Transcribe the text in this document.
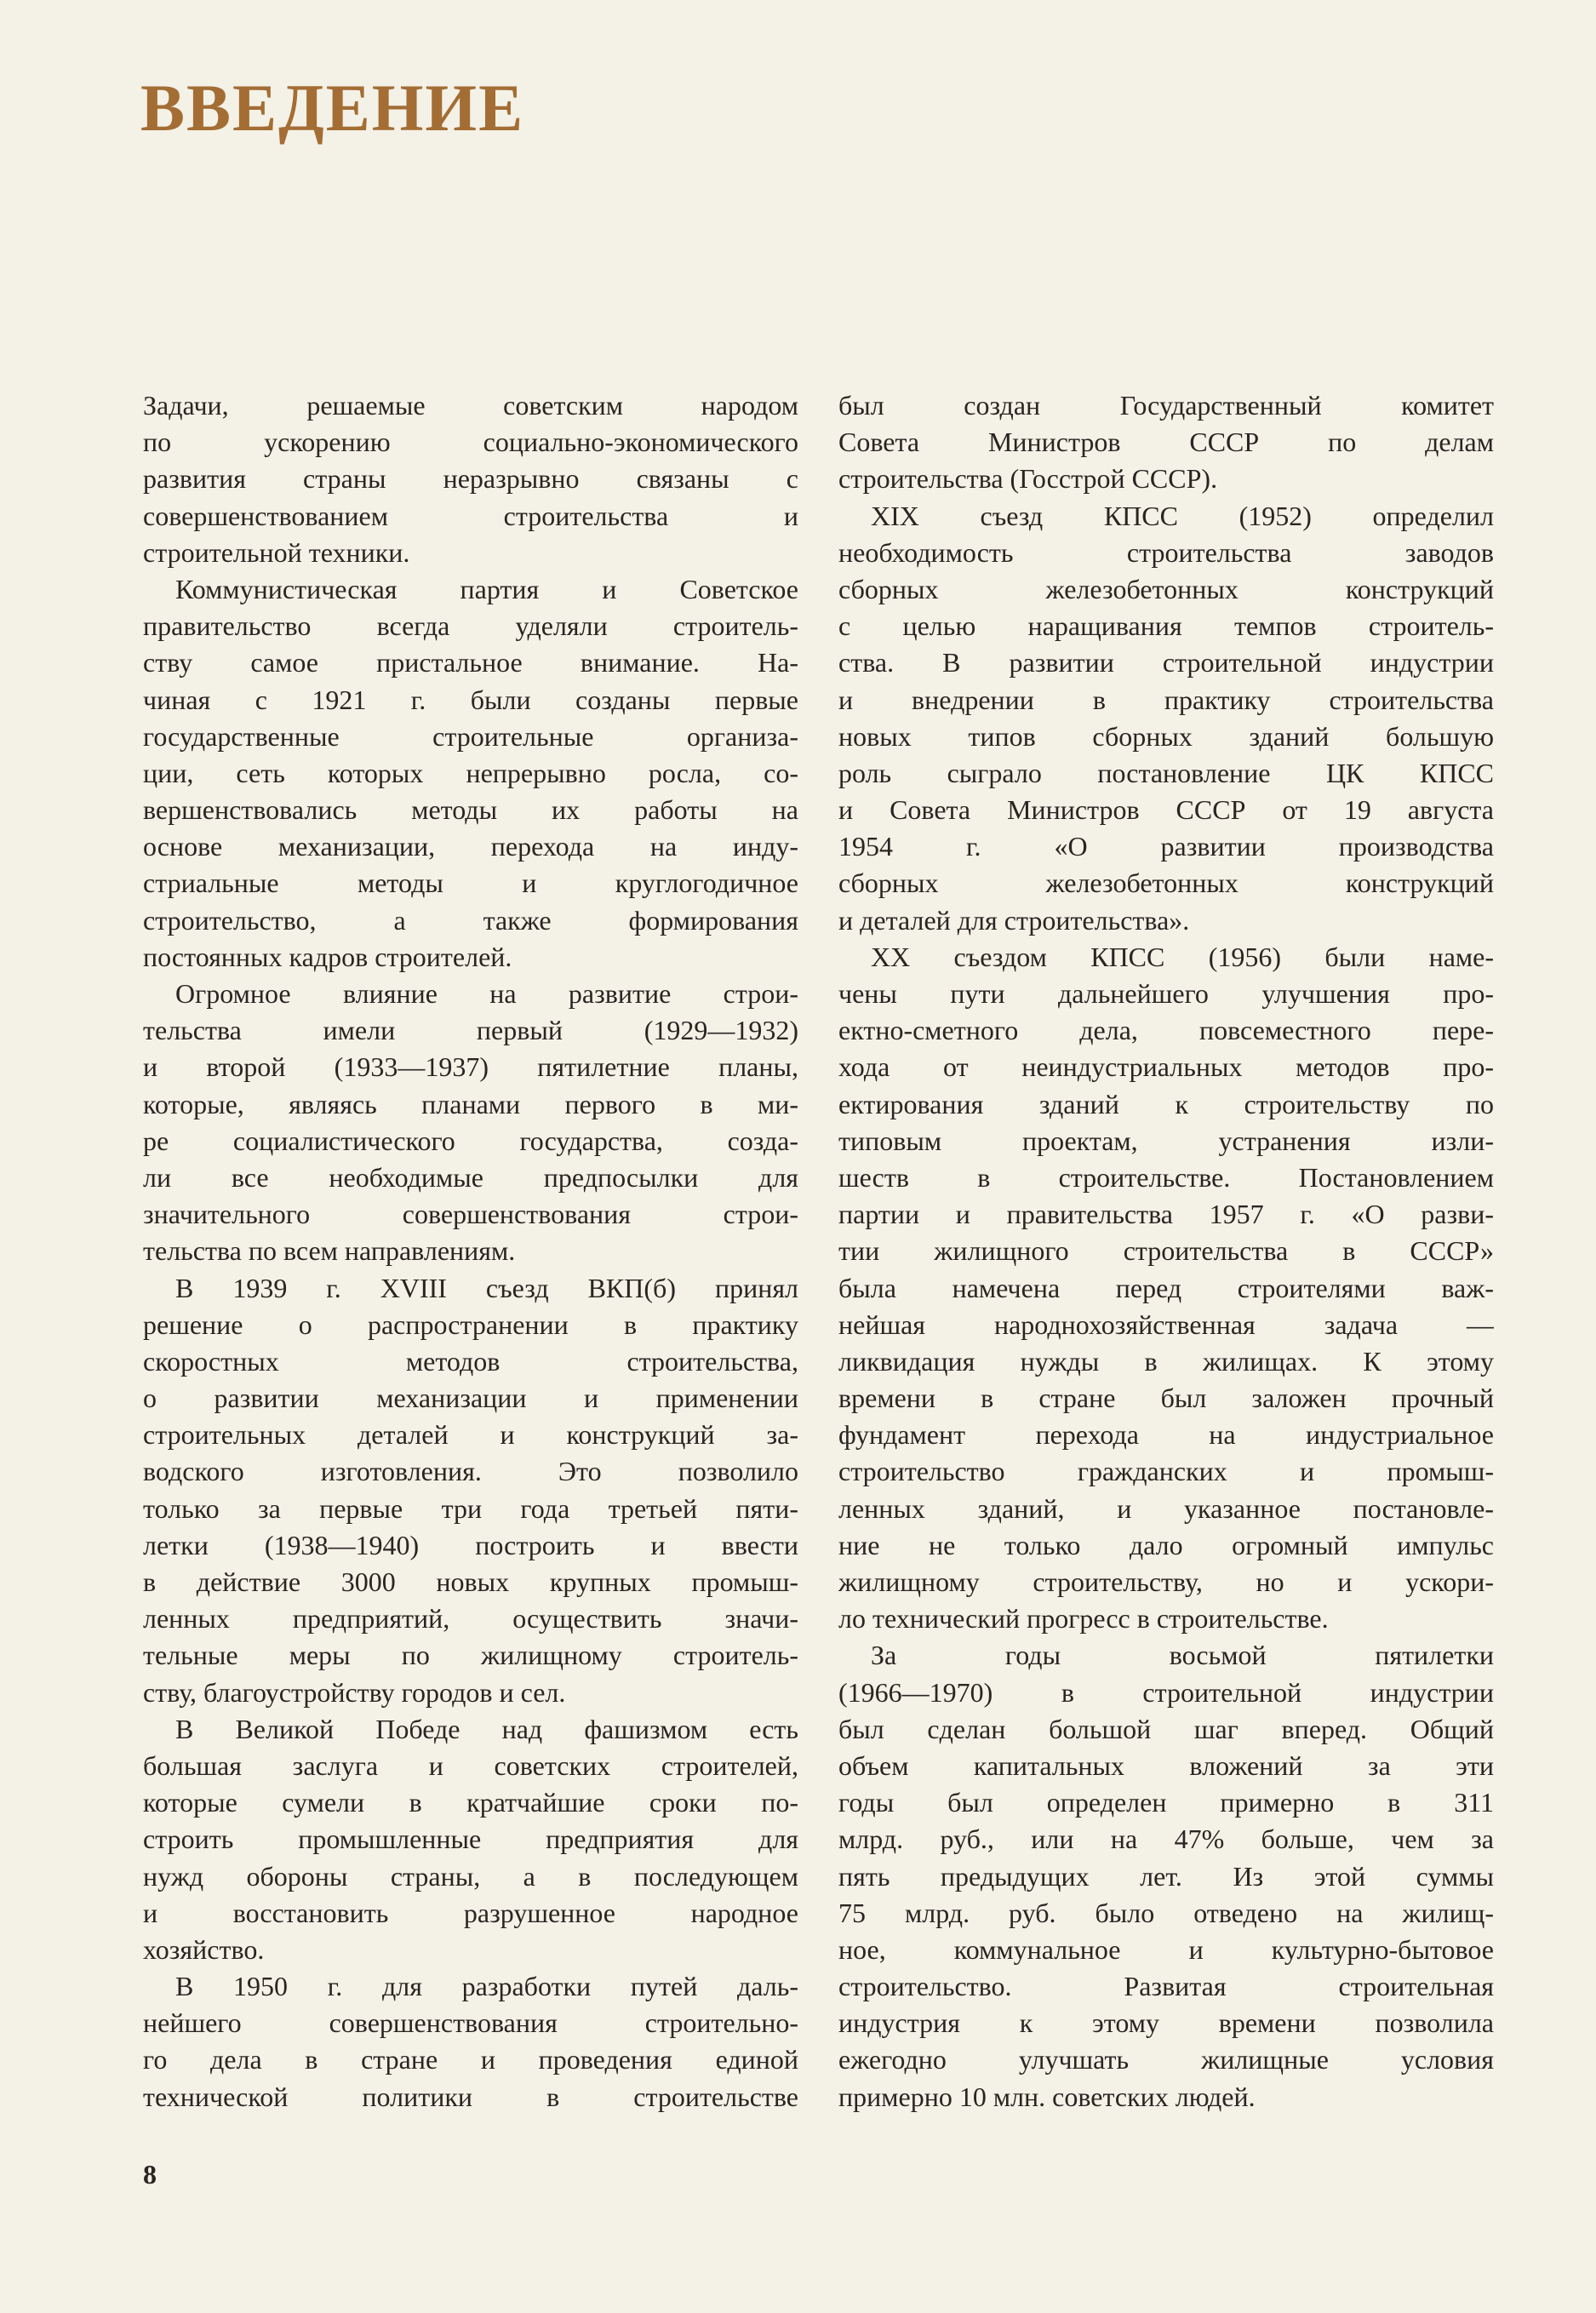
ВВЕДЕНИЕ
Задачи, решаемые советским народом
по ускорению социально-экономического
развития страны неразрывно связаны с
совершенствованием строительства и
строительной техники.
Коммунистическая партия и Советское
правительство всегда уделяли строитель-
ству самое пристальное внимание. На-
чиная с 1921 г. были созданы первые
государственные строительные организа-
ции, сеть которых непрерывно росла, со-
вершенствовались методы их работы на
основе механизации, перехода на инду-
стриальные методы и круглогодичное
строительство, а также формирования
постоянных кадров строителей.
Огромное влияние на развитие строи-
тельства имели первый (1929—1932)
и второй (1933—1937) пятилетние планы,
которые, являясь планами первого в ми-
ре социалистического государства, созда-
ли все необходимые предпосылки для
значительного совершенствования строи-
тельства по всем направлениям.
В 1939 г. XVIII съезд ВКП(б) принял
решение о распространении в практику
скоростных методов строительства,
о развитии механизации и применении
строительных деталей и конструкций за-
водского изготовления. Это позволило
только за первые три года третьей пяти-
летки (1938—1940) построить и ввести
в действие 3000 новых крупных промыш-
ленных предприятий, осуществить значи-
тельные меры по жилищному строитель-
ству, благоустройству городов и сел.
В Великой Победе над фашизмом есть
большая заслуга и советских строителей,
которые сумели в кратчайшие сроки по-
строить промышленные предприятия для
нужд обороны страны, а в последующем
и восстановить разрушенное народное
хозяйство.
В 1950 г. для разработки путей даль-
нейшего совершенствования строительно-
го дела в стране и проведения единой
технической политики в строительстве
был создан Государственный комитет
Совета Министров СССР по делам
строительства (Госстрой СССР).
XIX съезд КПСС (1952) определил
необходимость строительства заводов
сборных железобетонных конструкций
с целью наращивания темпов строитель-
ства. В развитии строительной индустрии
и внедрении в практику строительства
новых типов сборных зданий большую
роль сыграло постановление ЦК КПСС
и Совета Министров СССР от 19 августа
1954 г. «О развитии производства
сборных железобетонных конструкций
и деталей для строительства».
XX съездом КПСС (1956) были наме-
чены пути дальнейшего улучшения про-
ектно-сметного дела, повсеместного пере-
хода от неиндустриальных методов про-
ектирования зданий к строительству по
типовым проектам, устранения изли-
шеств в строительстве. Постановлением
партии и правительства 1957 г. «О разви-
тии жилищного строительства в СССР»
была намечена перед строителями важ-
нейшая народнохозяйственная задача —
ликвидация нужды в жилищах. К этому
времени в стране был заложен прочный
фундамент перехода на индустриальное
строительство гражданских и промыш-
ленных зданий, и указанное постановле-
ние не только дало огромный импульс
жилищному строительству, но и ускори-
ло технический прогресс в строительстве.
За годы восьмой пятилетки
(1966—1970) в строительной индустрии
был сделан большой шаг вперед. Общий
объем капитальных вложений за эти
годы был определен примерно в 311
млрд. руб., или на 47% больше, чем за
пять предыдущих лет. Из этой суммы
75 млрд. руб. было отведено на жилищ-
ное, коммунальное и культурно-бытовое
строительство. Развитая строительная
индустрия к этому времени позволила
ежегодно улучшать жилищные условия
примерно 10 млн. советских людей.
8
